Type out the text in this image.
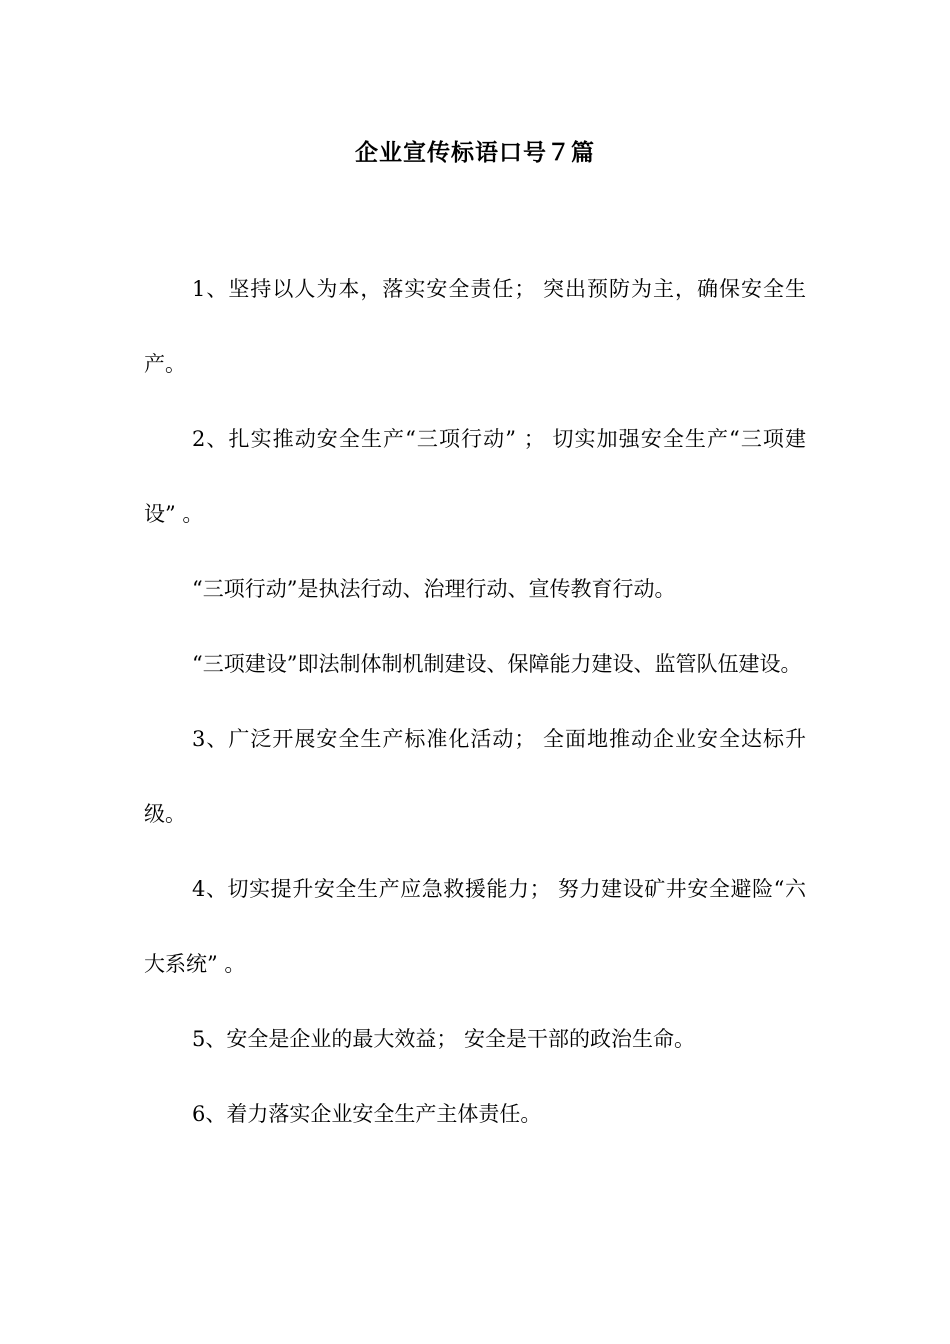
企业宣传标语口号７篇

1、坚持以人为本，落实安全责任； 突出预防为主，确保安全生产。

2、扎实推动安全生产“三项行动” ； 切实加强安全生产“三项建设” 。

“三项行动”是执法行动、治理行动、宣传教育行动。

“三项建设”即法制体制机制建设、保障能力建设、监管队伍建设。

3、广泛开展安全生产标准化活动； 全面地推动企业安全达标升级。

4、切实提升安全生产应急救援能力； 努力建设矿井安全避险“六大系统” 。

5、安全是企业的最大效益； 安全是干部的政治生命。

6、着力落实企业安全生产主体责任。
